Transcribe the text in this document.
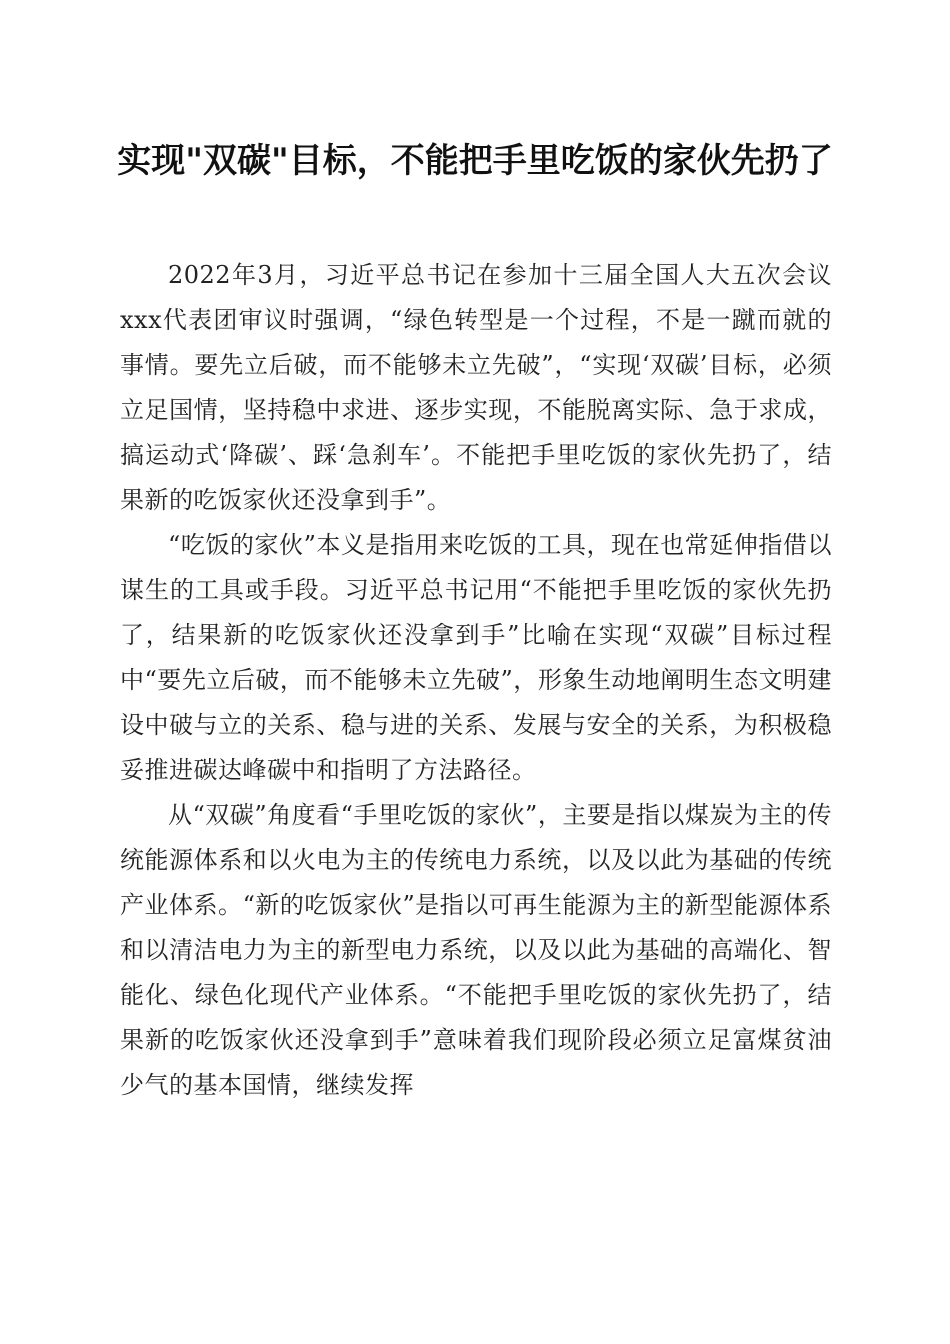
实现"双碳"目标，不能把手里吃饭的家伙先扔了

2022年3月，习近平总书记在参加十三届全国人大五次会议xxx代表团审议时强调，“绿色转型是一个过程，不是一蹴而就的事情。要先立后破，而不能够未立先破”，“实现‘双碳’目标，必须立足国情，坚持稳中求进、逐步实现，不能脱离实际、急于求成，搞运动式‘降碳’、踩‘急刹车’。不能把手里吃饭的家伙先扔了，结果新的吃饭家伙还没拿到手”。

“吃饭的家伙”本义是指用来吃饭的工具，现在也常延伸指借以谋生的工具或手段。习近平总书记用“不能把手里吃饭的家伙先扔了，结果新的吃饭家伙还没拿到手”比喻在实现“双碳”目标过程中“要先立后破，而不能够未立先破”，形象生动地阐明生态文明建设中破与立的关系、稳与进的关系、发展与安全的关系，为积极稳妥推进碳达峰碳中和指明了方法路径。

从“双碳”角度看“手里吃饭的家伙”，主要是指以煤炭为主的传统能源体系和以火电为主的传统电力系统，以及以此为基础的传统产业体系。“新的吃饭家伙”是指以可再生能源为主的新型能源体系和以清洁电力为主的新型电力系统，以及以此为基础的高端化、智能化、绿色化现代产业体系。“不能把手里吃饭的家伙先扔了，结果新的吃饭家伙还没拿到手”意味着我们现阶段必须立足富煤贫油少气的基本国情，继续发挥
